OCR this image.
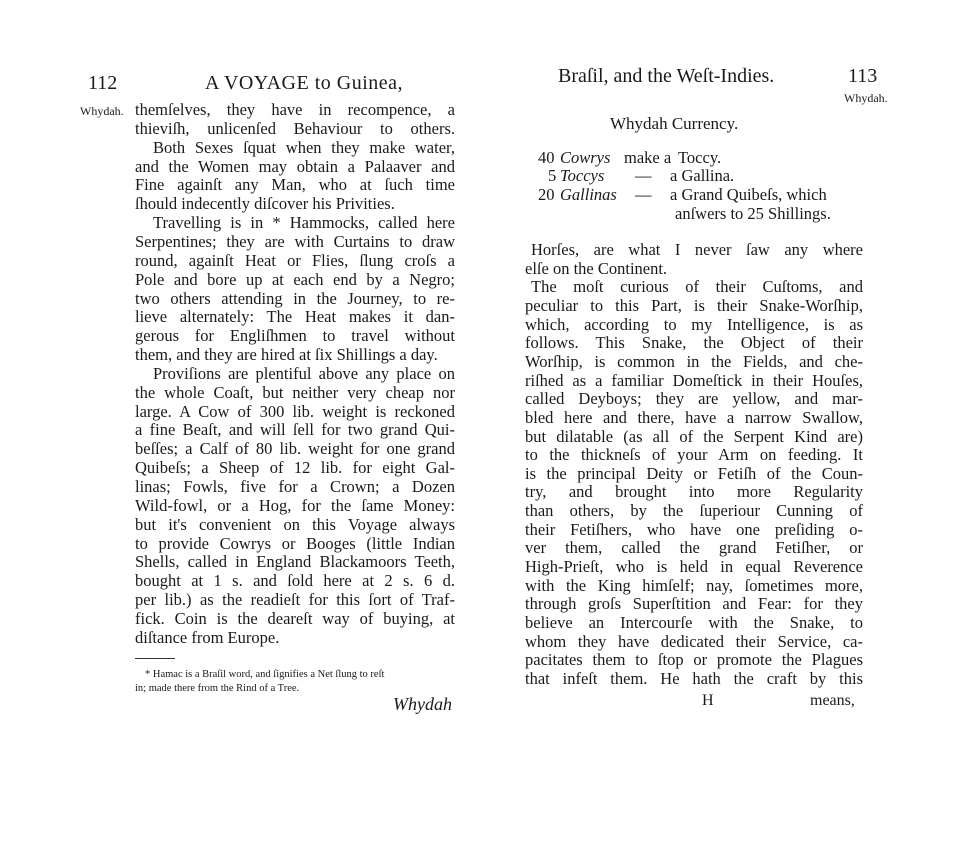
112	A VOYAGE to Guinea,
Whydah. themſelves, they have in recompence, a
thieviſh, unlicenſed Behaviour to others.
Both Sexes ſquat when they make water,
and the Women may obtain a Palaaver and
Fine againſt any Man, who at ſuch time
ſhould indecently diſcover his Privities.
Travelling is in * Hammocks, called here
Serpentines; they are with Curtains to draw
round, againſt Heat or Flies, ſlung croſs a
Pole and bore up at each end by a Negro;
two others attending in the Journey, to re-
lieve alternately: The Heat makes it dan-
gerous for Engliſhmen to travel without
them, and they are hired at ſix Shillings a day.
Proviſions are plentiful above any place on
the whole Coaſt, but neither very cheap nor
large. A Cow of 300 lib. weight is reckoned
a fine Beaſt, and will ſell for two grand Qui-
beſſes; a Calf of 80 lib. weight for one grand
Quibeſs; a Sheep of 12 lib. for eight Gal-
linas; Fowls, five for a Crown; a Dozen
Wild-fowl, or a Hog, for the ſame Money:
but it's convenient on this Voyage always
to provide Cowrys or Booges (little Indian
Shells, called in England Blackamoors Teeth,
bought at 1 s. and ſold here at 2 s. 6 d.
per lib.) as the readieſt for this ſort of Traf-
fick. Coin is the deareſt way of buying, at
diſtance from Europe.
* Hamac is a Braſil word, and ſignifies a Net ſlung to reſt
in; made there from the Rind of a Tree.
Whydah
Braſil, and the Weſt-Indies.	113
Whydah.
Whydah Currency.
40 Cowrys make a Toccy.
5 Toccys — a Gallina.
20 Gallinas — a Grand Quibeſs, which
anſwers to 25 Shillings.
Horſes, are what I never ſaw any where
elſe on the Continent.
The moſt curious of their Cuſtoms, and
peculiar to this Part, is their Snake-Worſhip,
which, according to my Intelligence, is as
follows. This Snake, the Object of their
Worſhip, is common in the Fields, and che-
riſhed as a familiar Domeſtick in their Houſes,
called Deyboys; they are yellow, and mar-
bled here and there, have a narrow Swallow,
but dilatable (as all of the Serpent Kind are)
to the thickneſs of your Arm on feeding. It
is the principal Deity or Fetiſh of the Coun-
try, and brought into more Regularity
than others, by the ſuperiour Cunning of
their Fetiſhers, who have one preſiding o-
ver them, called the grand Fetiſher, or
High-Prieſt, who is held in equal Reverence
with the King himſelf; nay, ſometimes more,
through groſs Superſtition and Fear: for they
believe an Intercourſe with the Snake, to
whom they have dedicated their Service, ca-
pacitates them to ſtop or promote the Plagues
that infeſt them. He hath the craft by this
H	means,
